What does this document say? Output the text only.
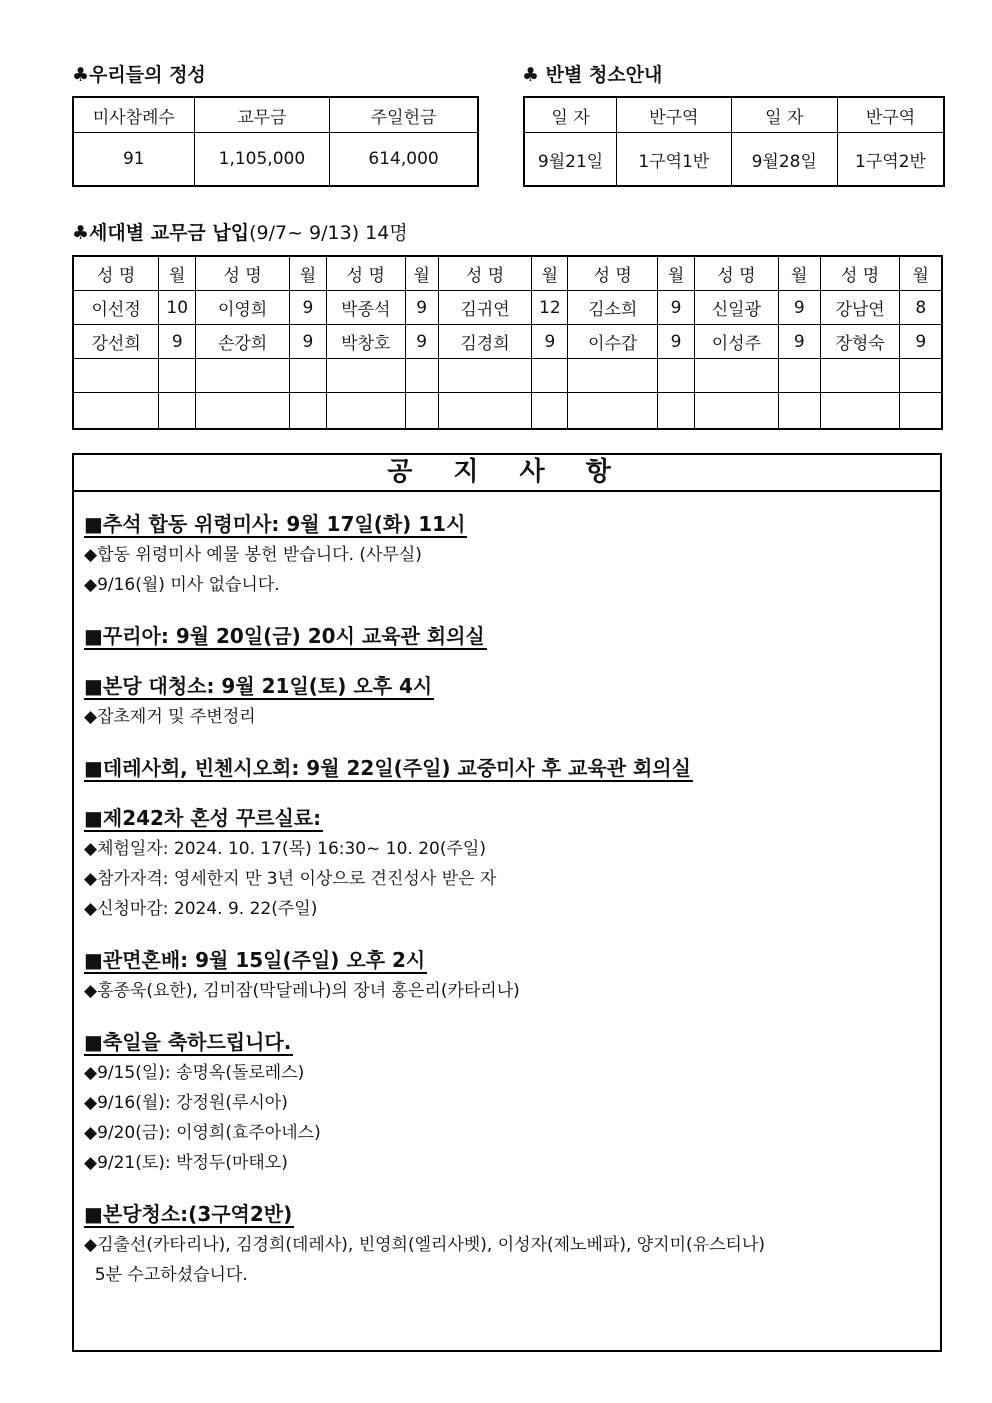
♣우리들의 정성
미사참례수	교무금	주일헌금
91	1,105,000	614,000
♣ 반별 청소안내
일 자	반구역	일 자	반구역
9월21일	1구역1반	9월28일	1구역2반
♣세대별 교무금 납입(9/7~ 9/13) 14명
성 명	월	성 명	월	성 명	월	성 명	월	성 명	월	성 명	월	성 명	월
이선정	10	이영희	9	박종석	9	김귀연	12	김소희	9	신일광	9	강남연	8
강선희	9	손강희	9	박창호	9	김경희	9	이수갑	9	이성주	9	장형숙	9

공 지 사 항
■추석 합동 위령미사: 9월 17일(화) 11시
◆합동 위령미사 예물 봉헌 받습니다. (사무실)
◆9/16(월) 미사 없습니다.
■꾸리아: 9월 20일(금) 20시 교육관 회의실
■본당 대청소: 9월 21일(토) 오후 4시
◆잡초제거 및 주변정리
■데레사회, 빈첸시오회: 9월 22일(주일) 교중미사 후 교육관 회의실
■제242차 혼성 꾸르실료:
◆체험일자: 2024. 10. 17(목) 16:30~ 10. 20(주일)
◆참가자격: 영세한지 만 3년 이상으로 견진성사 받은 자
◆신청마감: 2024. 9. 22(주일)
■관면혼배: 9월 15일(주일) 오후 2시
◆홍종욱(요한), 김미잠(막달레나)의 장녀 홍은리(카타리나)
■축일을 축하드립니다.
◆9/15(일): 송명옥(돌로레스)
◆9/16(월): 강정원(루시아)
◆9/20(금): 이영희(효주아네스)
◆9/21(토): 박정두(마태오)
■본당청소:(3구역2반)
◆김출선(카타리나), 김경희(데레사), 빈영희(엘리사벳), 이성자(제노베파), 양지미(유스티나)
5분 수고하셨습니다.
